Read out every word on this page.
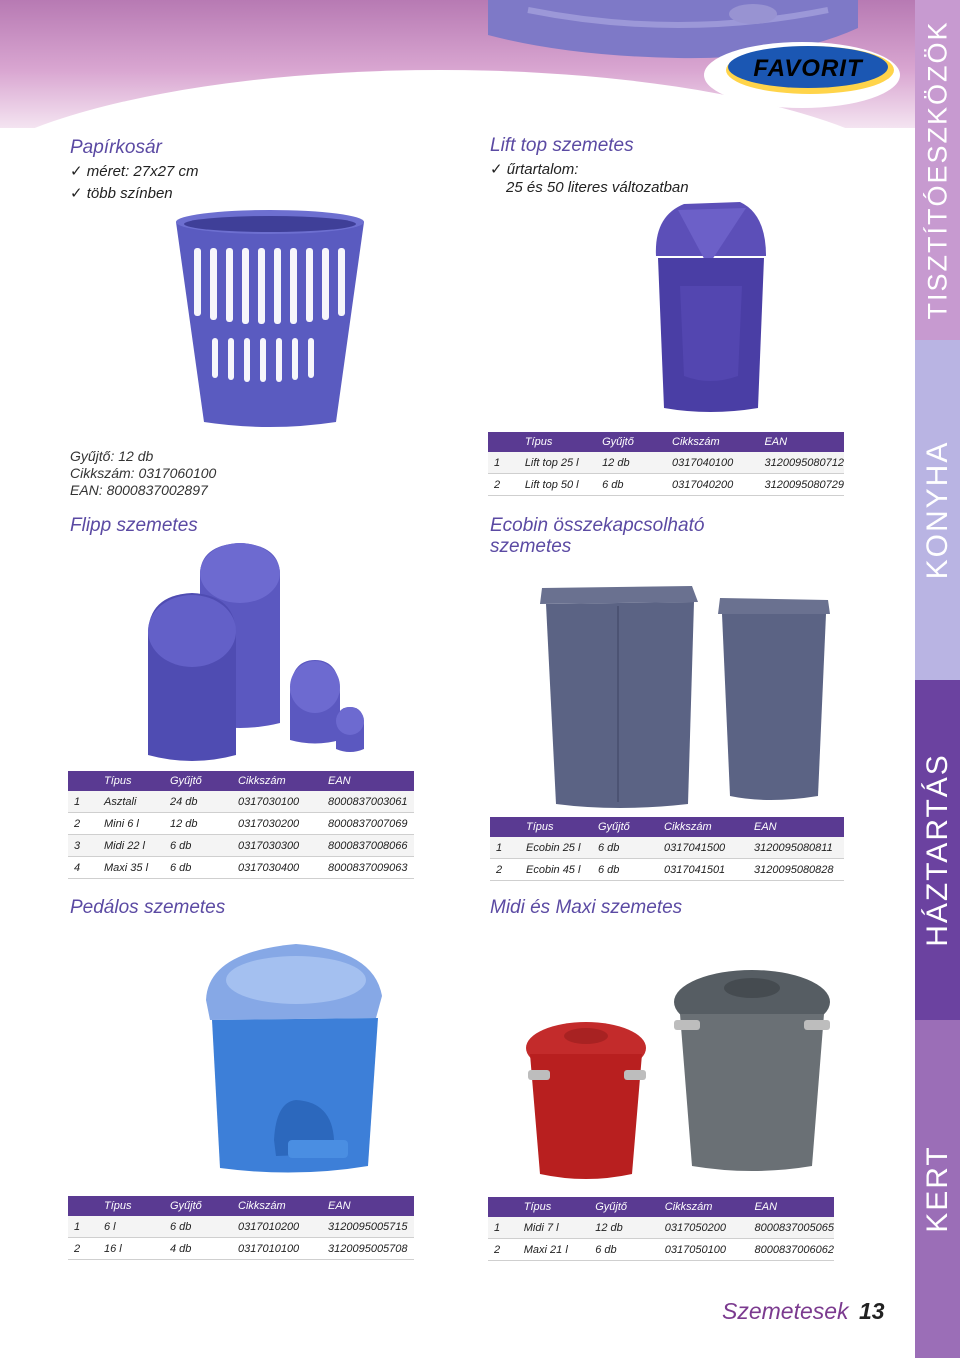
FAVORIT TISZTÍTÓESZKÖZÖK
KONYHA
HÁZTARTÁS
KERT
Papírkosár
✓ méret: 27x27 cm
✓ több színben
Gyűjtő: 12 db
Cikkszám: 0317060100
EAN: 8000837002897
Lift top szemetes
✓ űrtartalom:
25 és 50 literes változatban
	Típus	Gyűjtő	Cikkszám	EAN
1	Lift top 25 l	12 db	0317040100	3120095080712
2	Lift top 50 l	6 db	0317040200	3120095080729
Flipp szemetes
	Típus	Gyűjtő	Cikkszám	EAN
1	Asztali	24 db	0317030100	8000837003061
2	Mini 6 l	12 db	0317030200	8000837007069
3	Midi 22 l	6 db	0317030300	8000837008066
4	Maxi 35 l	6 db	0317030400	8000837009063
Ecobin összekapcsolható
szemetes
	Típus	Gyűjtő	Cikkszám	EAN
1	Ecobin 25 l	6 db	0317041500	3120095080811
2	Ecobin 45 l	6 db	0317041501	3120095080828
Pedálos szemetes
	Típus	Gyűjtő	Cikkszám	EAN
1	6 l	6 db	0317010200	3120095005715
2	16 l	4 db	0317010100	3120095005708
Midi és Maxi szemetes
	Típus	Gyűjtő	Cikkszám	EAN
1	Midi 7 l	12 db	0317050200	8000837005065
2	Maxi 21 l	6 db	0317050100	8000837006062
Szemetesek 13
